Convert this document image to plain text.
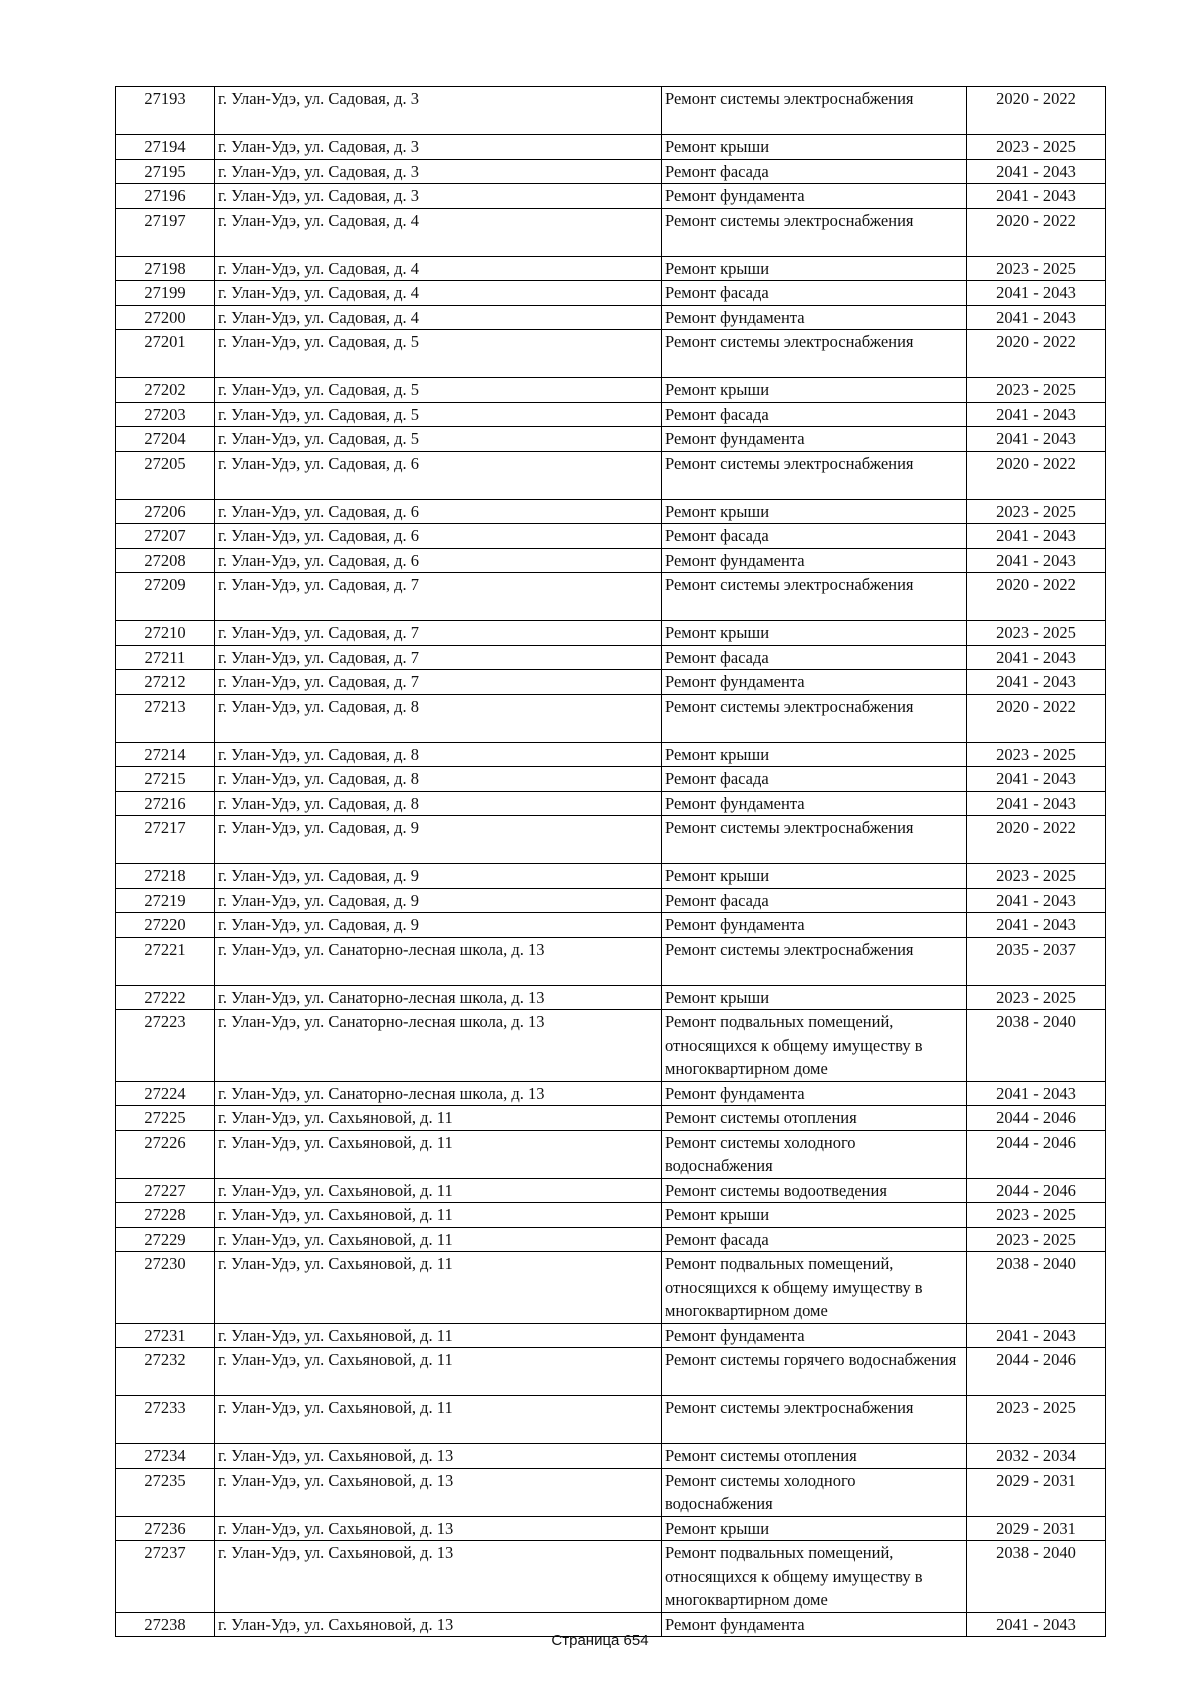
27193	г. Улан-Удэ, ул. Садовая, д. 3	Ремонт системы электроснабжения	2020 - 2022
27194	г. Улан-Удэ, ул. Садовая, д. 3	Ремонт крыши	2023 - 2025
27195	г. Улан-Удэ, ул. Садовая, д. 3	Ремонт фасада	2041 - 2043
27196	г. Улан-Удэ, ул. Садовая, д. 3	Ремонт фундамента	2041 - 2043
27197	г. Улан-Удэ, ул. Садовая, д. 4	Ремонт системы электроснабжения	2020 - 2022
27198	г. Улан-Удэ, ул. Садовая, д. 4	Ремонт крыши	2023 - 2025
27199	г. Улан-Удэ, ул. Садовая, д. 4	Ремонт фасада	2041 - 2043
27200	г. Улан-Удэ, ул. Садовая, д. 4	Ремонт фундамента	2041 - 2043
27201	г. Улан-Удэ, ул. Садовая, д. 5	Ремонт системы электроснабжения	2020 - 2022
27202	г. Улан-Удэ, ул. Садовая, д. 5	Ремонт крыши	2023 - 2025
27203	г. Улан-Удэ, ул. Садовая, д. 5	Ремонт фасада	2041 - 2043
27204	г. Улан-Удэ, ул. Садовая, д. 5	Ремонт фундамента	2041 - 2043
27205	г. Улан-Удэ, ул. Садовая, д. 6	Ремонт системы электроснабжения	2020 - 2022
27206	г. Улан-Удэ, ул. Садовая, д. 6	Ремонт крыши	2023 - 2025
27207	г. Улан-Удэ, ул. Садовая, д. 6	Ремонт фасада	2041 - 2043
27208	г. Улан-Удэ, ул. Садовая, д. 6	Ремонт фундамента	2041 - 2043
27209	г. Улан-Удэ, ул. Садовая, д. 7	Ремонт системы электроснабжения	2020 - 2022
27210	г. Улан-Удэ, ул. Садовая, д. 7	Ремонт крыши	2023 - 2025
27211	г. Улан-Удэ, ул. Садовая, д. 7	Ремонт фасада	2041 - 2043
27212	г. Улан-Удэ, ул. Садовая, д. 7	Ремонт фундамента	2041 - 2043
27213	г. Улан-Удэ, ул. Садовая, д. 8	Ремонт системы электроснабжения	2020 - 2022
27214	г. Улан-Удэ, ул. Садовая, д. 8	Ремонт крыши	2023 - 2025
27215	г. Улан-Удэ, ул. Садовая, д. 8	Ремонт фасада	2041 - 2043
27216	г. Улан-Удэ, ул. Садовая, д. 8	Ремонт фундамента	2041 - 2043
27217	г. Улан-Удэ, ул. Садовая, д. 9	Ремонт системы электроснабжения	2020 - 2022
27218	г. Улан-Удэ, ул. Садовая, д. 9	Ремонт крыши	2023 - 2025
27219	г. Улан-Удэ, ул. Садовая, д. 9	Ремонт фасада	2041 - 2043
27220	г. Улан-Удэ, ул. Садовая, д. 9	Ремонт фундамента	2041 - 2043
27221	г. Улан-Удэ, ул. Санаторно-лесная школа, д. 13	Ремонт системы электроснабжения	2035 - 2037
27222	г. Улан-Удэ, ул. Санаторно-лесная школа, д. 13	Ремонт крыши	2023 - 2025
27223	г. Улан-Удэ, ул. Санаторно-лесная школа, д. 13	Ремонт подвальных помещений, относящихся к общему имуществу в многоквартирном доме	2038 - 2040
27224	г. Улан-Удэ, ул. Санаторно-лесная школа, д. 13	Ремонт фундамента	2041 - 2043
27225	г. Улан-Удэ, ул. Сахьяновой, д. 11	Ремонт системы отопления	2044 - 2046
27226	г. Улан-Удэ, ул. Сахьяновой, д. 11	Ремонт системы холодного водоснабжения	2044 - 2046
27227	г. Улан-Удэ, ул. Сахьяновой, д. 11	Ремонт системы водоотведения	2044 - 2046
27228	г. Улан-Удэ, ул. Сахьяновой, д. 11	Ремонт крыши	2023 - 2025
27229	г. Улан-Удэ, ул. Сахьяновой, д. 11	Ремонт фасада	2023 - 2025
27230	г. Улан-Удэ, ул. Сахьяновой, д. 11	Ремонт подвальных помещений, относящихся к общему имуществу в многоквартирном доме	2038 - 2040
27231	г. Улан-Удэ, ул. Сахьяновой, д. 11	Ремонт фундамента	2041 - 2043
27232	г. Улан-Удэ, ул. Сахьяновой, д. 11	Ремонт системы горячего водоснабжения	2044 - 2046
27233	г. Улан-Удэ, ул. Сахьяновой, д. 11	Ремонт системы электроснабжения	2023 - 2025
27234	г. Улан-Удэ, ул. Сахьяновой, д. 13	Ремонт системы отопления	2032 - 2034
27235	г. Улан-Удэ, ул. Сахьяновой, д. 13	Ремонт системы холодного водоснабжения	2029 - 2031
27236	г. Улан-Удэ, ул. Сахьяновой, д. 13	Ремонт крыши	2029 - 2031
27237	г. Улан-Удэ, ул. Сахьяновой, д. 13	Ремонт подвальных помещений, относящихся к общему имуществу в многоквартирном доме	2038 - 2040
27238	г. Улан-Удэ, ул. Сахьяновой, д. 13	Ремонт фундамента	2041 - 2043
Страница 654
